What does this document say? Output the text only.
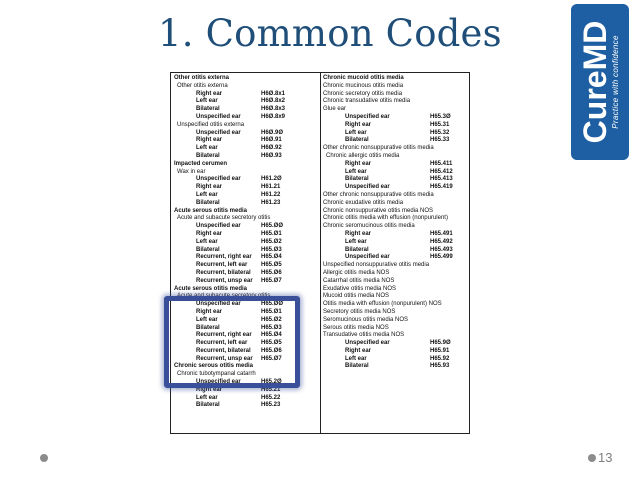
1. Common Codes CureMD
Practice with confidence
Other otitis externa
Other otitis externa
Right ear	H6Ø.8x1
Left ear	H6Ø.8x2
Bilateral	H6Ø.8x3
Unspecified ear	H6Ø.8x9
Unspecified otitis externa
Unspecified ear	H6Ø.9Ø
Right ear	H6Ø.91
Left ear	H6Ø.92
Bilateral	H6Ø.93
Impacted cerumen
Wax in ear
Unspecified ear	H61.2Ø
Right ear	H61.21
Left ear	H61.22
Bilateral	H61.23
Acute serous otitis media
Acute and subacute secretory otitis
Unspecified ear	H65.ØØ
Right ear	H65.Ø1
Left ear	H65.Ø2
Bilateral	H65.Ø3
Recurrent, right ear H65.Ø4
Recurrent, left ear H65.Ø5
Recurrent, bilateral H65.Ø6
Recurrent, unsp ear H65.Ø7
Acute serous otitis media
Acute and subacute secretory otitis
Unspecified ear	H65.ØØ
Right ear	H65.Ø1
Left ear	H65.Ø2
Bilateral	H65.Ø3
Recurrent, right ear H65.Ø4
Recurrent, left ear H65.Ø5
Recurrent, bilateral H65.Ø6
Recurrent, unsp ear H65.Ø7
Chronic serous otitis media
Chronic tubotympanal catarrh
Unspecified ear	H65.2Ø
Right ear	H65.21
Left ear	H65.22
Bilateral	H65.23
Chronic mucoid otitis media
Chronic mucinous otitis media
Chronic secretory otitis media
Chronic transudative otitis media
Glue ear
Unspecified ear	H65.3Ø
Right ear	H65.31
Left ear	H65.32
Bilateral	H65.33
Other chronic nonsuppurative otitis media
Chronic allergic otitis media
Right ear	H65.411
Left ear	H65.412
Bilateral	H65.413
Unspecified ear	H65.419
Other chronic nonsuppurative otitis media
Chronic exudative otitis media
Chronic nonsuppurative otitis media NOS
Chronic otitis media with effusion (nonpurulent)
Chronic seromucinous otitis media
Right ear	H65.491
Left ear	H65.492
Bilateral	H65.493
Unspecified ear	H65.499
Unspecified nonsuppurative otitis media
Allergic otitis media NOS
Catarrhal otitis media NOS
Exudative otitis media NOS
Mucoid otitis media NOS
Otitis media with effusion (nonpurulent) NOS
Secretory otitis media NOS
Seromucinous otitis media NOS
Serous otitis media NOS
Transudative otitis media NOS
Unspecified ear	H65.9Ø
Right ear	H65.91
Left ear	H65.92
Bilateral	H65.93
13
